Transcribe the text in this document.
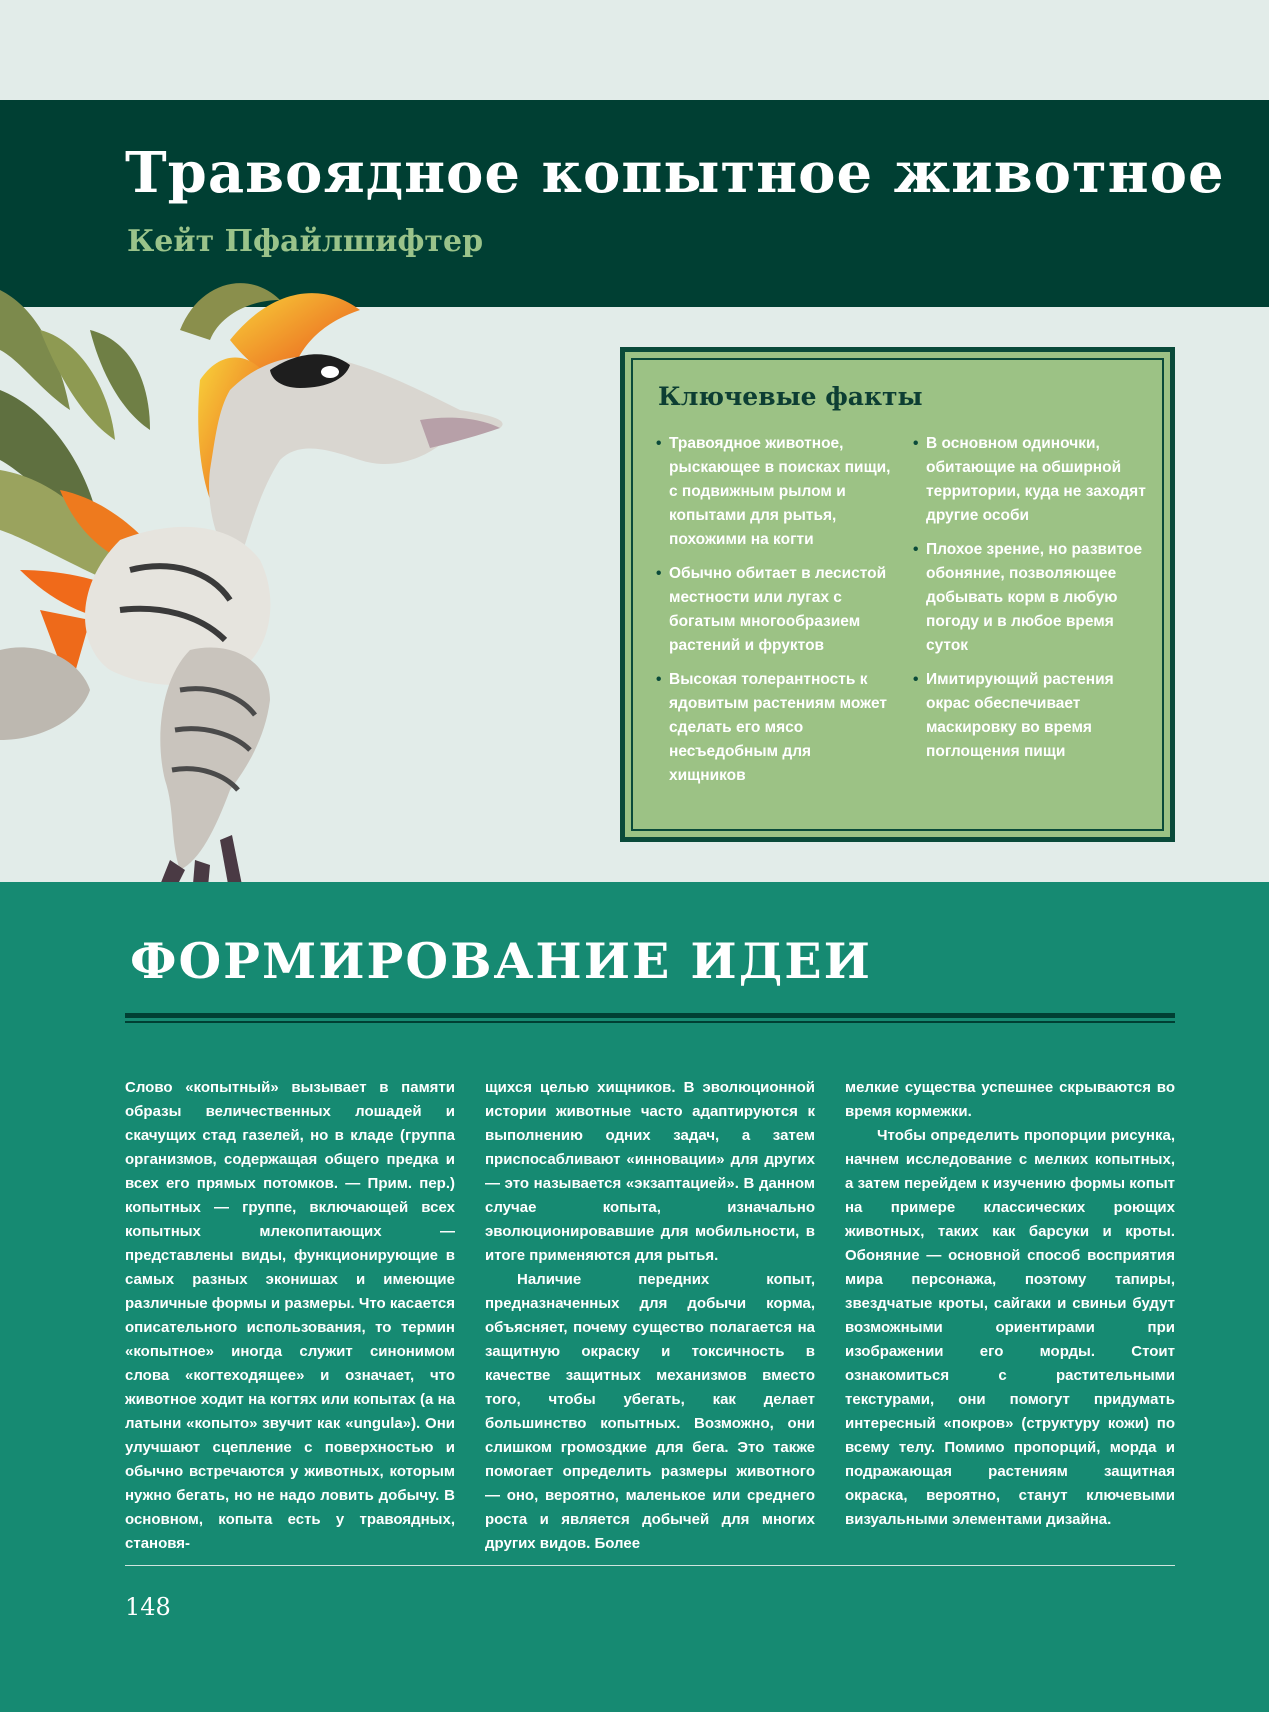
Травоядное копытное животное
Кейт Пфайлшифтер
Ключевые факты
• Травоядное животное, рыскающее в поисках пищи, с подвижным рылом и копытами для рытья, похожими на когти
• Обычно обитает в лесистой местности или лугах с богатым многообразием растений и фруктов
• Высокая толерантность к ядовитым растениям может сделать его мясо несъедобным для хищников
• В основном одиночки, обитающие на обширной территории, куда не заходят другие особи
• Плохое зрение, но развитое обоняние, позволяющее добывать корм в любую погоду и в любое время суток
• Имитирующий растения окрас обеспечивает маскировку во время поглощения пищи
ФОРМИРОВАНИЕ ИДЕИ

Слово «копытный» вызывает в памяти образы величественных лошадей и скачущих стад газелей, но в кладе (группа организмов, содержащая общего предка и всех его прямых потомков. — Прим. пер.) копытных — группе, включающей всех копытных млекопитающих — представлены виды, функционирующие в самых разных эконишах и имеющие различные формы и размеры. Что касается описательного использования, то термин «копытное» иногда служит синонимом слова «когтеходящее» и означает, что животное ходит на когтях или копытах (а на латыни «копыто» звучит как «ungula»). Они улучшают сцепление с поверхностью и обычно встречаются у животных, которым нужно бегать, но не надо ловить добычу. В основном, копыта есть у травоядных, становя-

щихся целью хищников. В эволюционной истории животные часто адаптируются к выполнению одних задач, а затем приспосабливают «инновации» для других — это называется «экзаптацией». В данном случае копыта, изначально эволюционировавшие для мобильности, в итоге применяются для рытья.

Наличие передних копыт, предназначенных для добычи корма, объясняет, почему существо полагается на защитную окраску и токсичность в качестве защитных механизмов вместо того, чтобы убегать, как делает большинство копытных. Возможно, они слишком громоздкие для бега. Это также помогает определить размеры животного — оно, вероятно, маленькое или среднего роста и является добычей для многих других видов. Более

мелкие существа успешнее скрываются во время кормежки.

Чтобы определить пропорции рисунка, начнем исследование с мелких копытных, а затем перейдем к изучению формы копыт на примере классических роющих животных, таких как барсуки и кроты. Обоняние — основной способ восприятия мира персонажа, поэтому тапиры, звездчатые кроты, сайгаки и свиньи будут возможными ориентирами при изображении его морды. Стоит ознакомиться с растительными текстурами, они помогут придумать интересный «покров» (структуру кожи) по всему телу. Помимо пропорций, морда и подражающая растениям защитная окраска, вероятно, станут ключевыми визуальными элементами дизайна.

148
